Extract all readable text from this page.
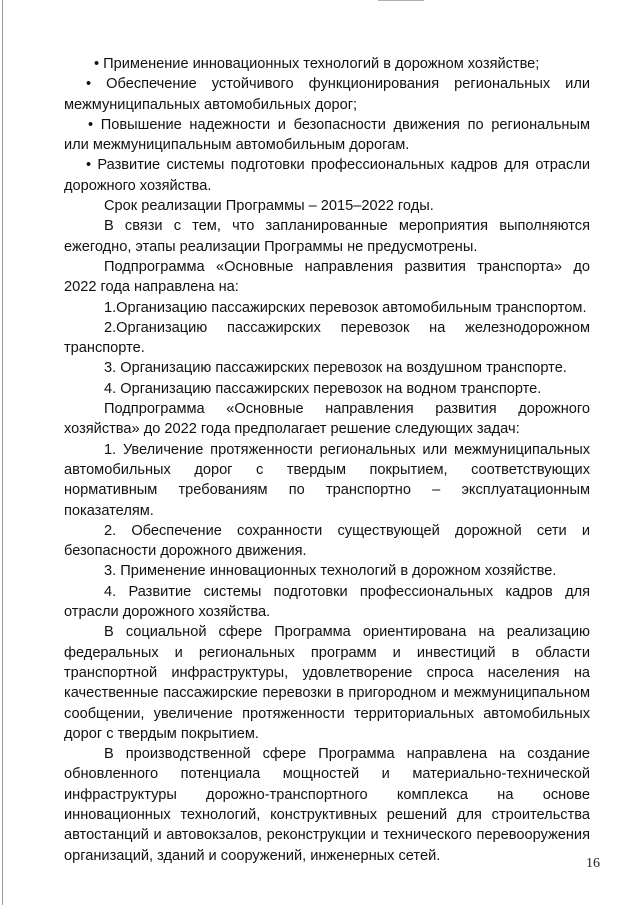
• Применение инновационных технологий в дорожном хозяйстве;

• Обеспечение устойчивого функционирования региональных или межмуниципальных автомобильных дорог;

• Повышение надежности и безопасности движения по региональным или межмуниципальным автомобильным дорогам.

• Развитие системы подготовки профессиональных кадров для отрасли дорожного хозяйства.

Срок реализации Программы – 2015–2022 годы.

В связи с тем, что запланированные мероприятия выполняются ежегодно, этапы реализации Программы не предусмотрены.

Подпрограмма «Основные направления развития транспорта» до 2022 года направлена на:

1.Организацию пассажирских перевозок автомобильным транспортом.

2.Организацию пассажирских перевозок на железнодорожном транспорте.

3. Организацию пассажирских перевозок на воздушном транспорте.

4. Организацию пассажирских перевозок на водном транспорте.

Подпрограмма «Основные направления развития дорожного хозяйства» до 2022 года предполагает решение следующих задач:

1. Увеличение протяженности региональных или межмуниципальных автомобильных дорог с твердым покрытием, соответствующих нормативным требованиям по транспортно – эксплуатационным показателям.

2. Обеспечение сохранности существующей дорожной сети и безопасности дорожного движения.

3. Применение инновационных технологий в дорожном хозяйстве.

4. Развитие системы подготовки профессиональных кадров для отрасли дорожного хозяйства.

В социальной сфере Программа ориентирована на реализацию федеральных и региональных программ и инвестиций в области транспортной инфраструктуры, удовлетворение спроса населения на качественные пассажирские перевозки в пригородном и межмуниципальном сообщении, увеличение протяженности территориальных автомобильных дорог с твердым покрытием.

В производственной сфере Программа направлена на создание обновленного потенциала мощностей и материально-технической инфраструктуры дорожно-транспортного комплекса на основе инновационных технологий, конструктивных решений для строительства автостанций и автовокзалов, реконструкции и технического перевооружения организаций, зданий и сооружений, инженерных сетей.	16
